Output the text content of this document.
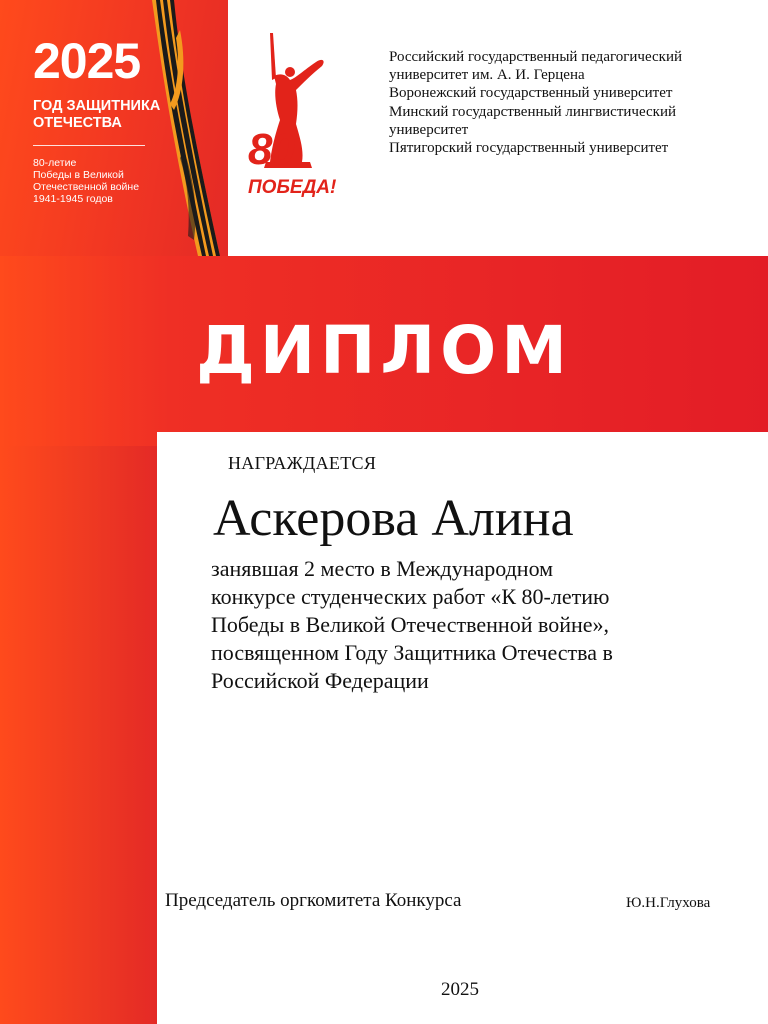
2025
ГОД ЗАЩИТНИКА ОТЕЧЕСТВА
80-летие
Победы в Великой
Отечественной войне
1941-1945 годов
80
ПОБЕДА!
Российский государственный педагогический
университет им. А. И. Герцена
Воронежский государственный университет
Минский государственный лингвистический
университет
Пятигорский государственный университет
ДИПЛОМ
НАГРАЖДАЕТСЯ
Аскерова Алина
занявшая 2 место в Международном
конкурсе студенческих работ «К 80-летию
Победы в Великой Отечественной войне»,
посвященном Году Защитника Отечества в
Российской Федерации
Председатель оргкомитета Конкурса	Ю.Н.Глухова
2025
